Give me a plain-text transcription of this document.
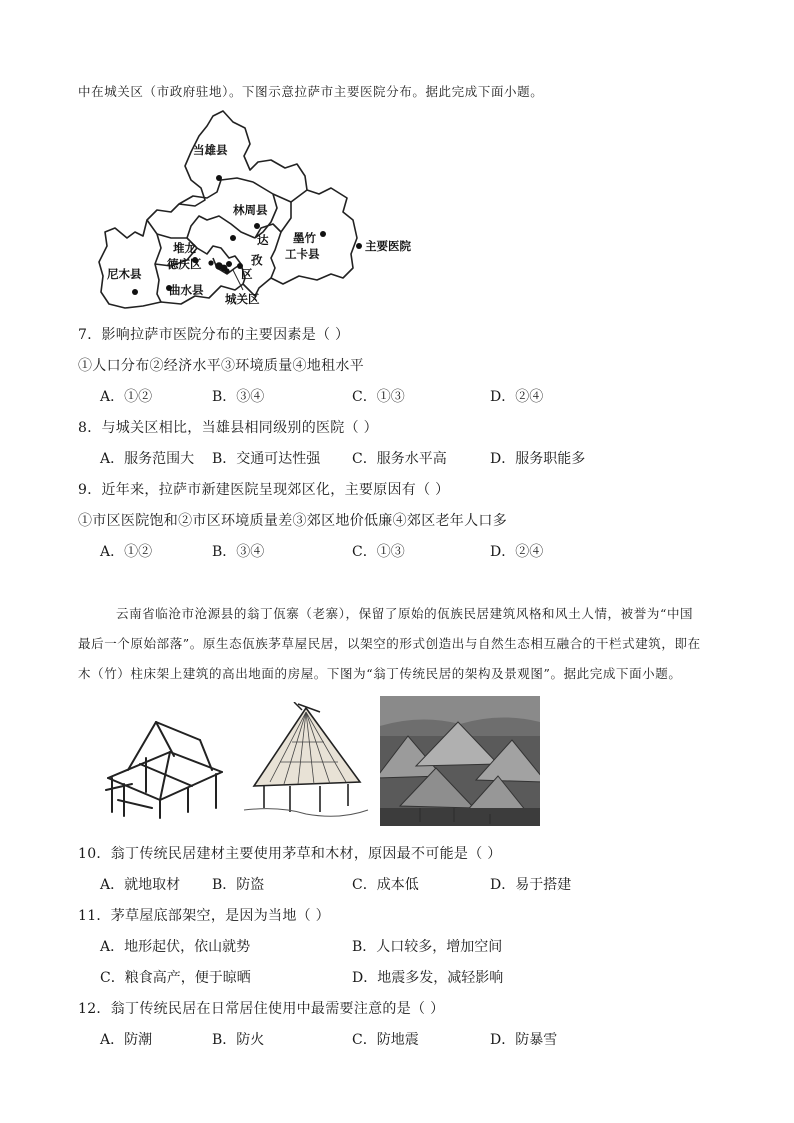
中在城关区（市政府驻地）。下图示意拉萨市主要医院分布。据此完成下面小题。
当雄县
林周县
达
孜
区
墨竹
工卡县
堆龙
德庆区
尼木县
曲水县
城关区
主要医院
7．影响拉萨市医院分布的主要因素是（ ）
①人口分布②经济水平③环境质量④地租水平
A．①②	B．③④	C．①③	D．②④
8．与城关区相比，当雄县相同级别的医院（ ）
A．服务范围大 B．交通可达性强 C．服务水平高	D．服务职能多
9．近年来，拉萨市新建医院呈现郊区化，主要原因有（ ）
①市区医院饱和②市区环境质量差③郊区地价低廉④郊区老年人口多
A．①②	B．③④	C．①③	D．②④
云南省临沧市沧源县的翁丁佤寨（老寨），保留了原始的佤族民居建筑风格和风土人情，被誉为“中国
最后一个原始部落”。原生态佤族茅草屋民居，以架空的形式创造出与自然生态相互融合的干栏式建筑，即在
木（竹）柱床架上建筑的高出地面的房屋。下图为“翁丁传统民居的架构及景观图”。据此完成下面小题。
10．翁丁传统民居建材主要使用茅草和木材，原因最不可能是（ ）
A．就地取材 B．防盗	C．成本低	D．易于搭建
11．茅草屋底部架空，是因为当地（ ）
A．地形起伏，依山就势	B．人口较多，增加空间
C．粮食高产，便于晾晒	D．地震多发，减轻影响
12．翁丁传统民居在日常居住使用中最需要注意的是（ ）
A．防潮	B．防火	C．防地震	D．防暴雪
